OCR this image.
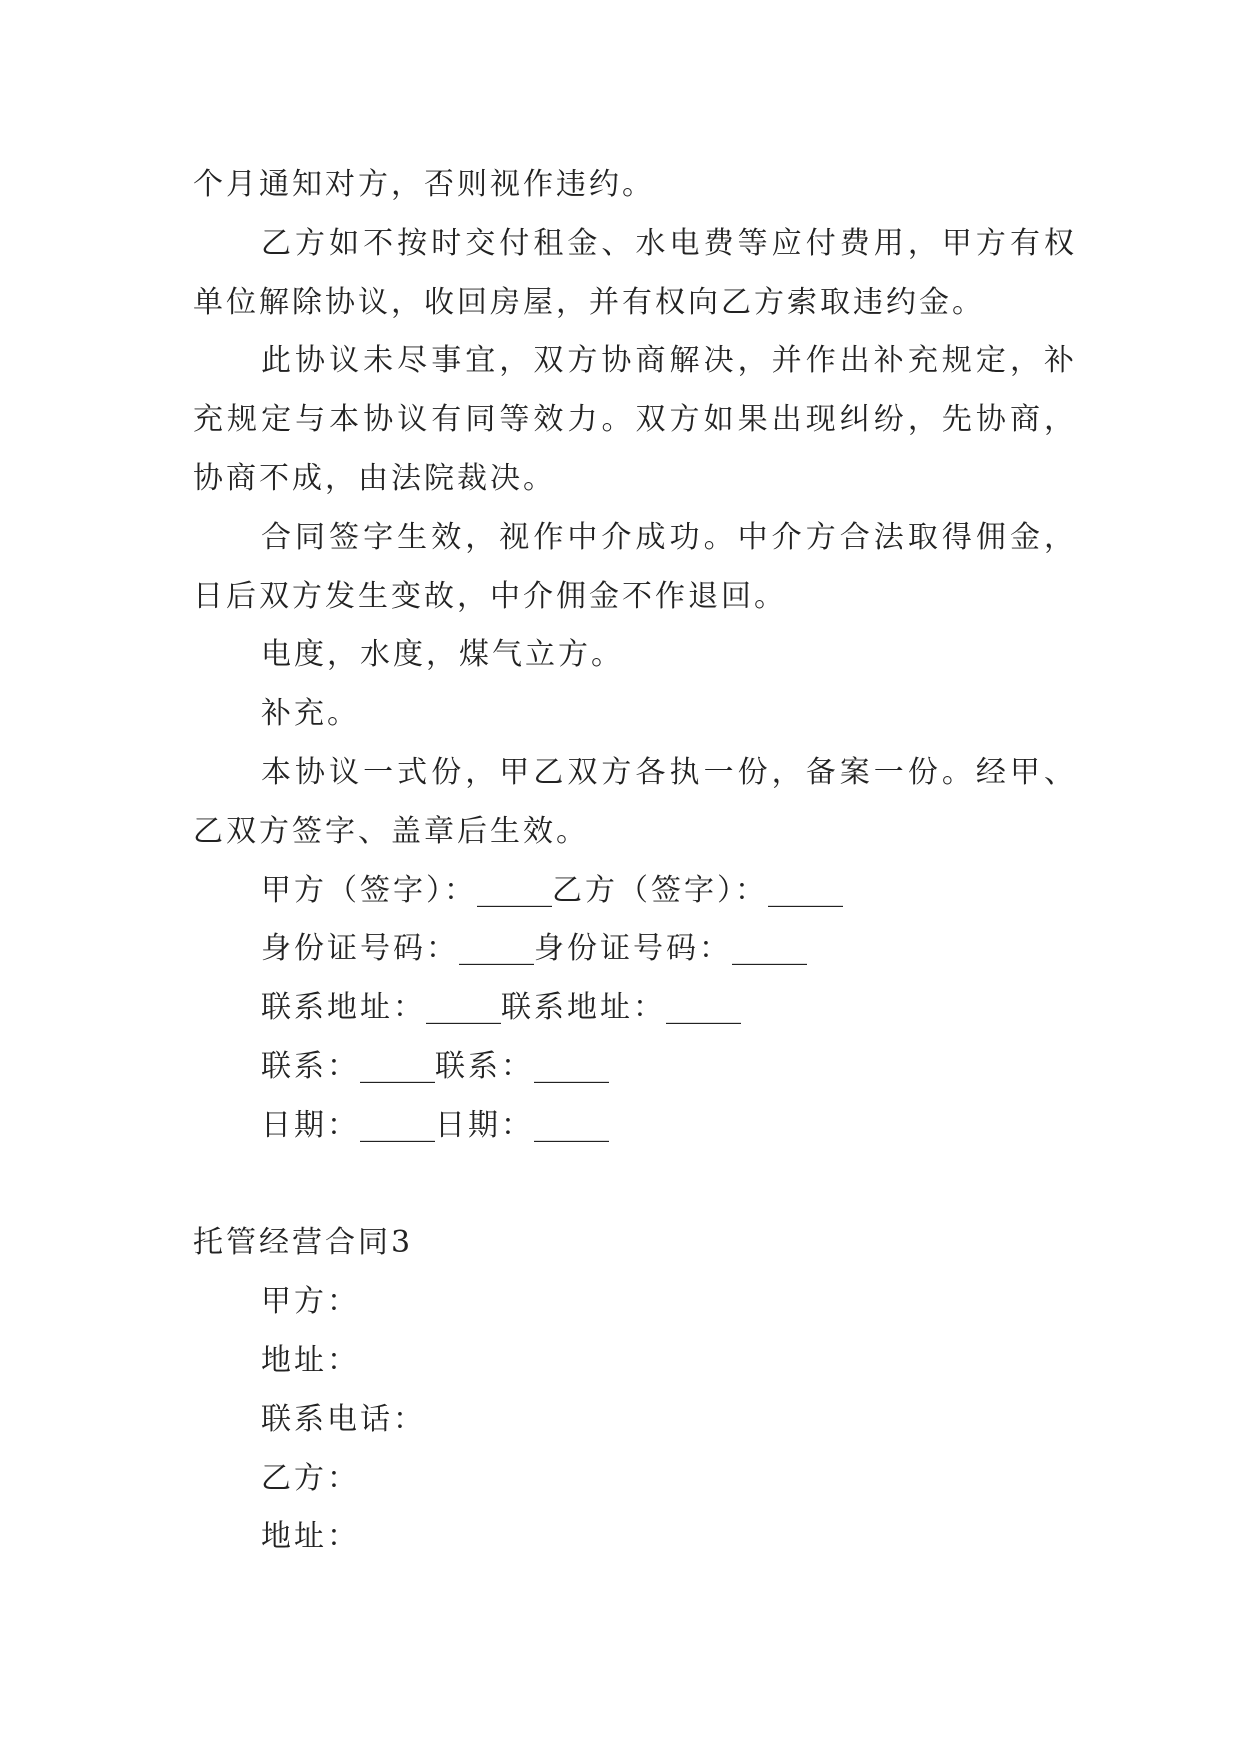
个月通知对方，否则视作违约。
乙方如不按时交付租金、水电费等应付费用，甲方有权
单位解除协议，收回房屋，并有权向乙方索取违约金。
此协议未尽事宜，双方协商解决，并作出补充规定，补
充规定与本协议有同等效力。双方如果出现纠纷，先协商，
协商不成，由法院裁决。
合同签字生效，视作中介成功。中介方合法取得佣金，
日后双方发生变故，中介佣金不作退回。
电度，水度，煤气立方。
补充。
本协议一式份，甲乙双方各执一份，备案一份。经甲、
乙双方签字、盖章后生效。
甲方（签字）：_____乙方（签字）：_____
身份证号码：_____身份证号码：_____
联系地址：_____联系地址：_____
联系：_____联系：_____
日期：_____日期：_____
托管经营合同3
甲方：
地址：
联系电话：
乙方：
地址：
